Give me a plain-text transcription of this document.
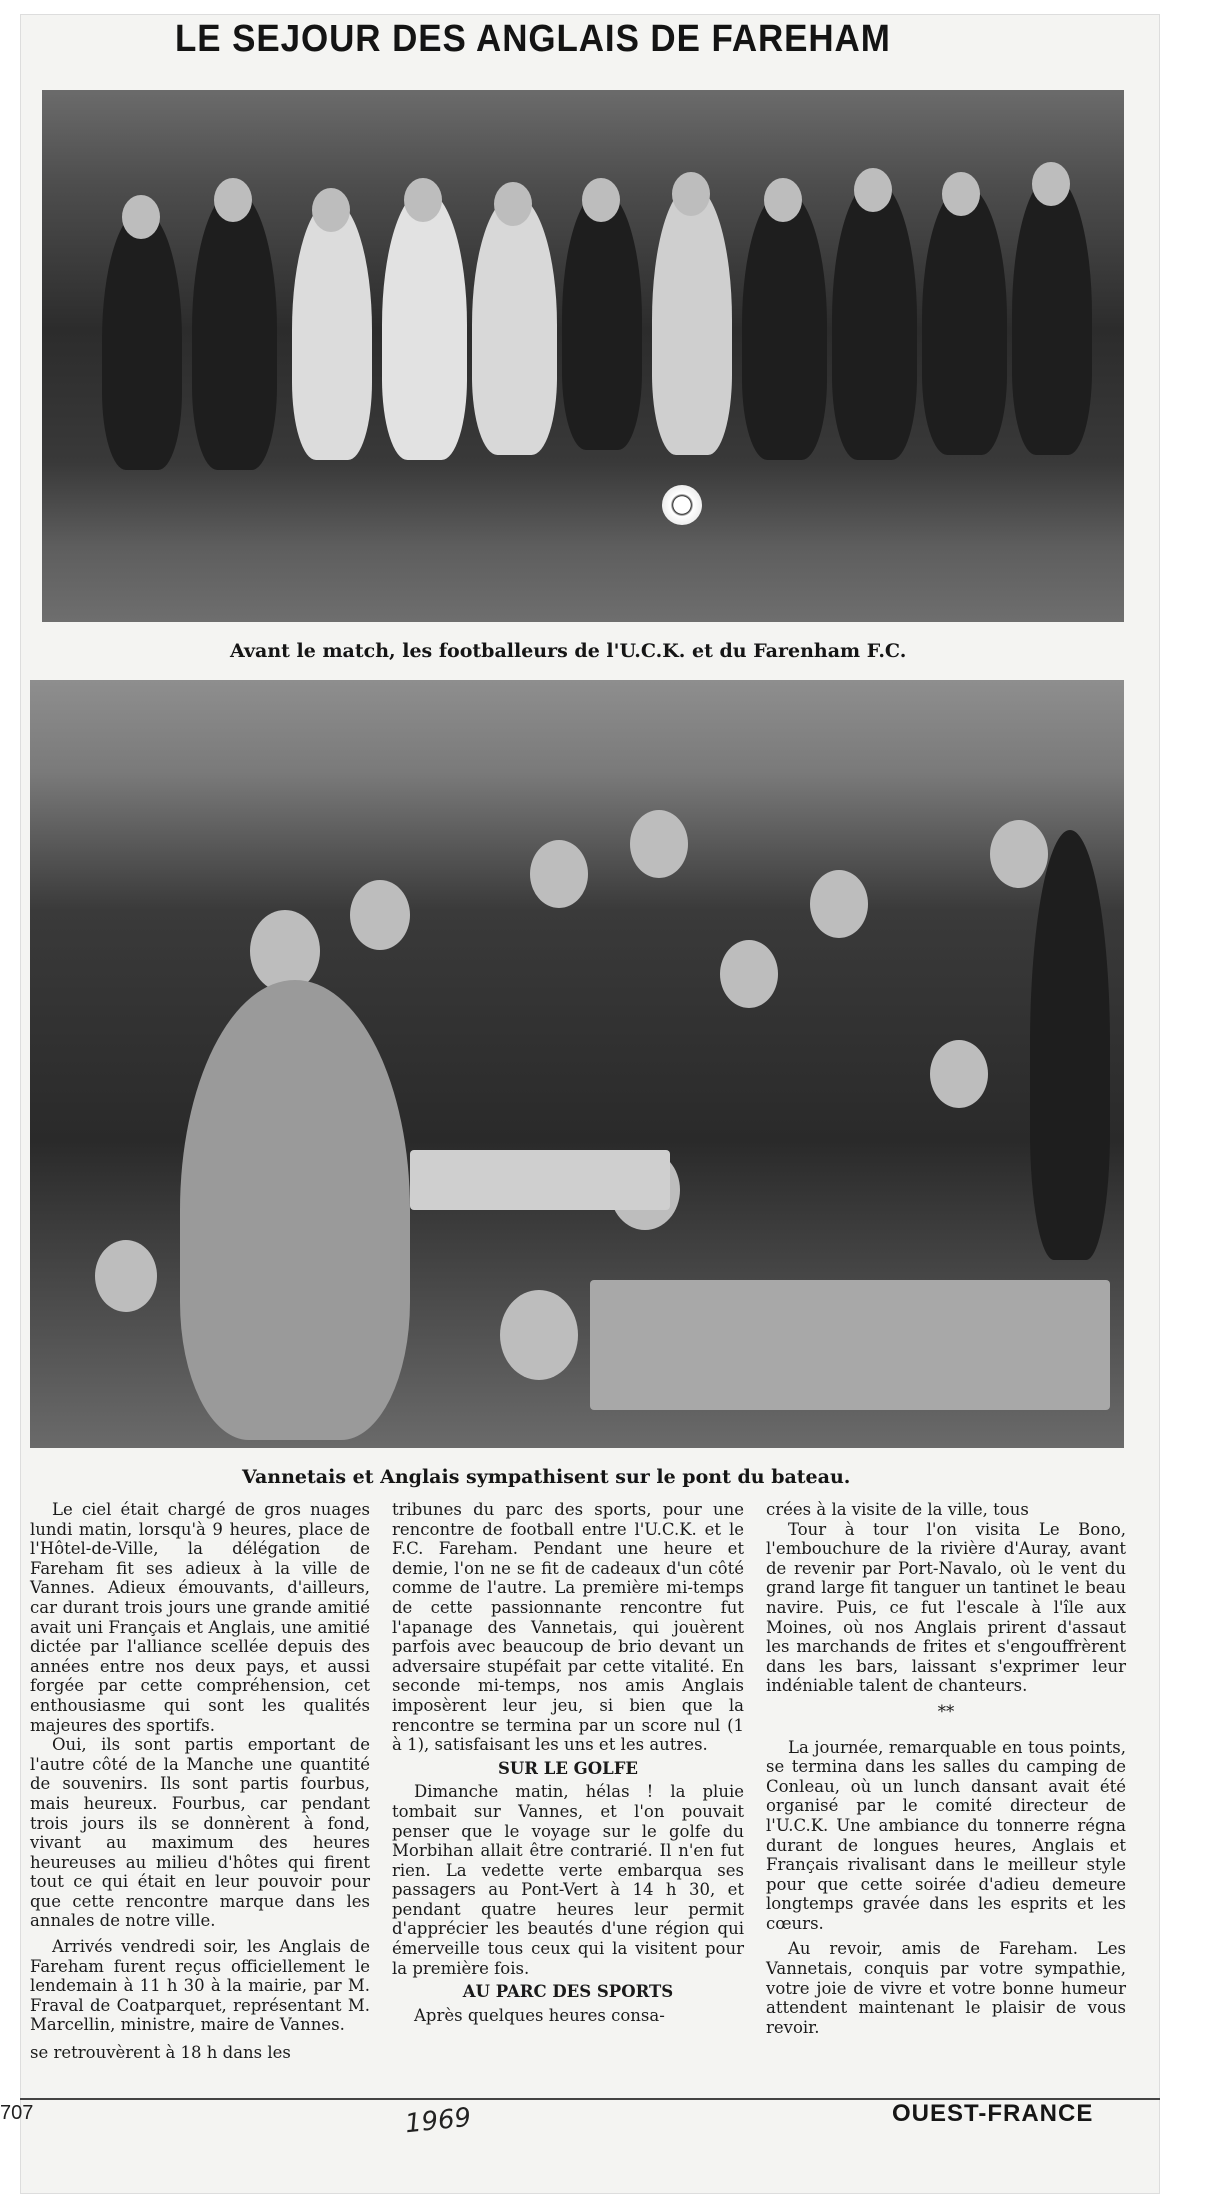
LE SEJOUR DES ANGLAIS DE FAREHAM
Avant le match, les footballeurs de l'U.C.K. et du Farenham F.C.
Vannetais et Anglais sympathisent sur le pont du bateau.

Le ciel était chargé de gros nuages lundi matin, lorsqu'à 9 heures, place de l'Hôtel-de-Ville, la délégation de Fareham fit ses adieux à la ville de Vannes. Adieux émouvants, d'ailleurs, car durant trois jours une grande amitié avait uni Français et Anglais, une amitié dictée par l'alliance scellée depuis des années entre nos deux pays, et aussi forgée par cette compréhension, cet enthousiasme qui sont les qualités majeures des sportifs.

Oui, ils sont partis emportant de l'autre côté de la Manche une quantité de souvenirs. Ils sont partis fourbus, mais heureux. Fourbus, car pendant trois jours ils se donnèrent à fond, vivant au maximum des heures heureuses au milieu d'hôtes qui firent tout ce qui était en leur pouvoir pour que cette rencontre marque dans les annales de notre ville.

Arrivés vendredi soir, les Anglais de Fareham furent reçus officiellement le lendemain à 11 h 30 à la mairie, par M. Fraval de Coatparquet, représentant M. Marcellin, ministre, maire de Vannes.

se retrouvèrent à 18 h dans les

tribunes du parc des sports, pour une rencontre de football entre l'U.C.K. et le F.C. Fareham. Pendant une heure et demie, l'on ne se fit de cadeaux d'un côté comme de l'autre. La première mi-temps de cette passionnante rencontre fut l'apanage des Vannetais, qui jouèrent parfois avec beaucoup de brio devant un adversaire stupéfait par cette vitalité. En seconde mi-temps, nos amis Anglais imposèrent leur jeu, si bien que la rencontre se termina par un score nul (1 à 1), satisfaisant les uns et les autres.

SUR LE GOLFE

Dimanche matin, hélas ! la pluie tombait sur Vannes, et l'on pouvait penser que le voyage sur le golfe du Morbihan allait être contrarié. Il n'en fut rien. La vedette verte embarqua ses passagers au Pont-Vert à 14 h 30, et pendant quatre heures leur permit d'apprécier les beautés d'une région qui émerveille tous ceux qui la visitent pour la première fois.

AU PARC DES SPORTS

Après quelques heures consa-

crées à la visite de la ville, tous

Tour à tour l'on visita Le Bono, l'embouchure de la rivière d'Auray, avant de revenir par Port-Navalo, où le vent du grand large fit tanguer un tantinet le beau navire. Puis, ce fut l'escale à l'île aux Moines, où nos Anglais prirent d'assaut les marchands de frites et s'engouffrèrent dans les bars, laissant s'exprimer leur indéniable talent de chanteurs.

**

La journée, remarquable en tous points, se termina dans les salles du camping de Conleau, où un lunch dansant avait été organisé par le comité directeur de l'U.C.K. Une ambiance du tonnerre régna durant de longues heures, Anglais et Français rivalisant dans le meilleur style pour que cette soirée d'adieu demeure longtemps gravée dans les esprits et les cœurs.

Au revoir, amis de Fareham. Les Vannetais, conquis par votre sympathie, votre joie de vivre et votre bonne humeur attendent maintenant le plaisir de vous revoir.

707	1969	OUEST-FRANCE
